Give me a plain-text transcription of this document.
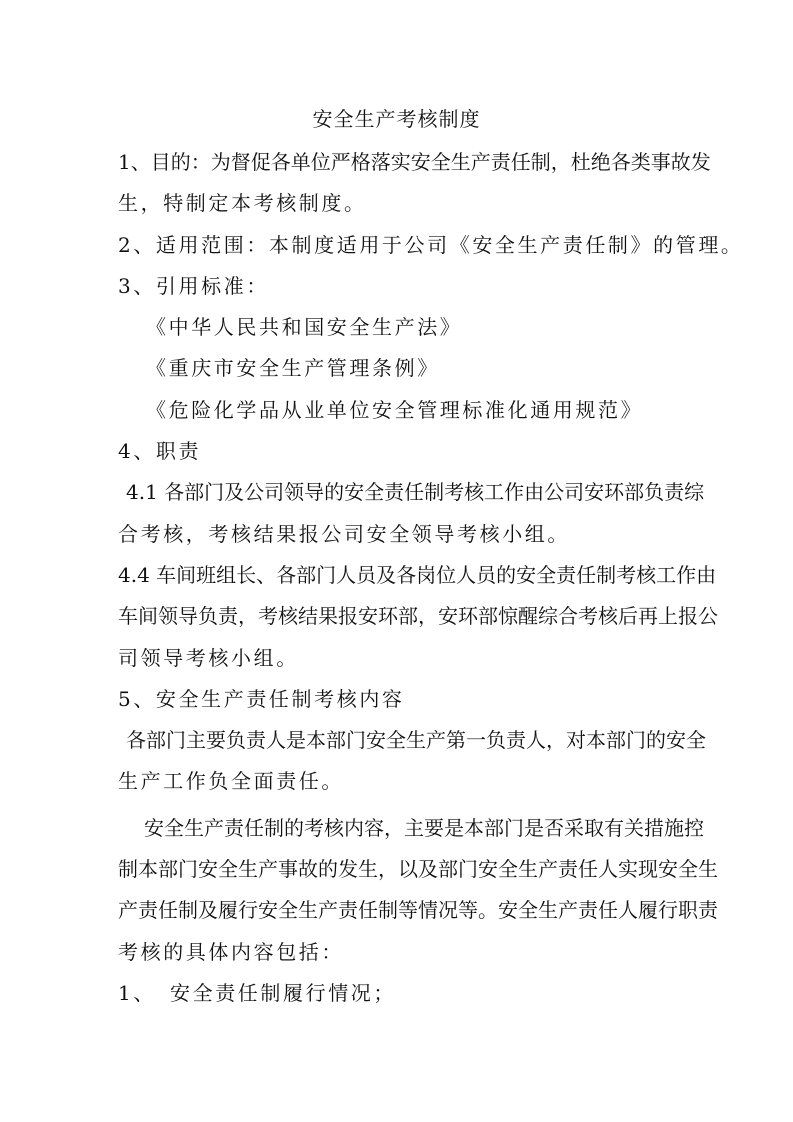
安全生产考核制度
1、目的：为督促各单位严格落实安全生产责任制，杜绝各类事故发
生，特制定本考核制度。
2、适用范围：本制度适用于公司《安全生产责任制》的管理。
3、引用标准：
《中华人民共和国安全生产法》
《重庆市安全生产管理条例》
《危险化学品从业单位安全管理标准化通用规范》
4、职责
4.1 各部门及公司领导的安全责任制考核工作由公司安环部负责综
合考核，考核结果报公司安全领导考核小组。
4.4 车间班组长、各部门人员及各岗位人员的安全责任制考核工作由
车间领导负责，考核结果报安环部，安环部惊醒综合考核后再上报公
司领导考核小组。
5、安全生产责任制考核内容
各部门主要负责人是本部门安全生产第一负责人，对本部门的安全
生产工作负全面责任。
安全生产责任制的考核内容，主要是本部门是否采取有关措施控
制本部门安全生产事故的发生，以及部门安全生产责任人实现安全生
产责任制及履行安全生产责任制等情况等。安全生产责任人履行职责
考核的具体内容包括：
1、 安全责任制履行情况；
